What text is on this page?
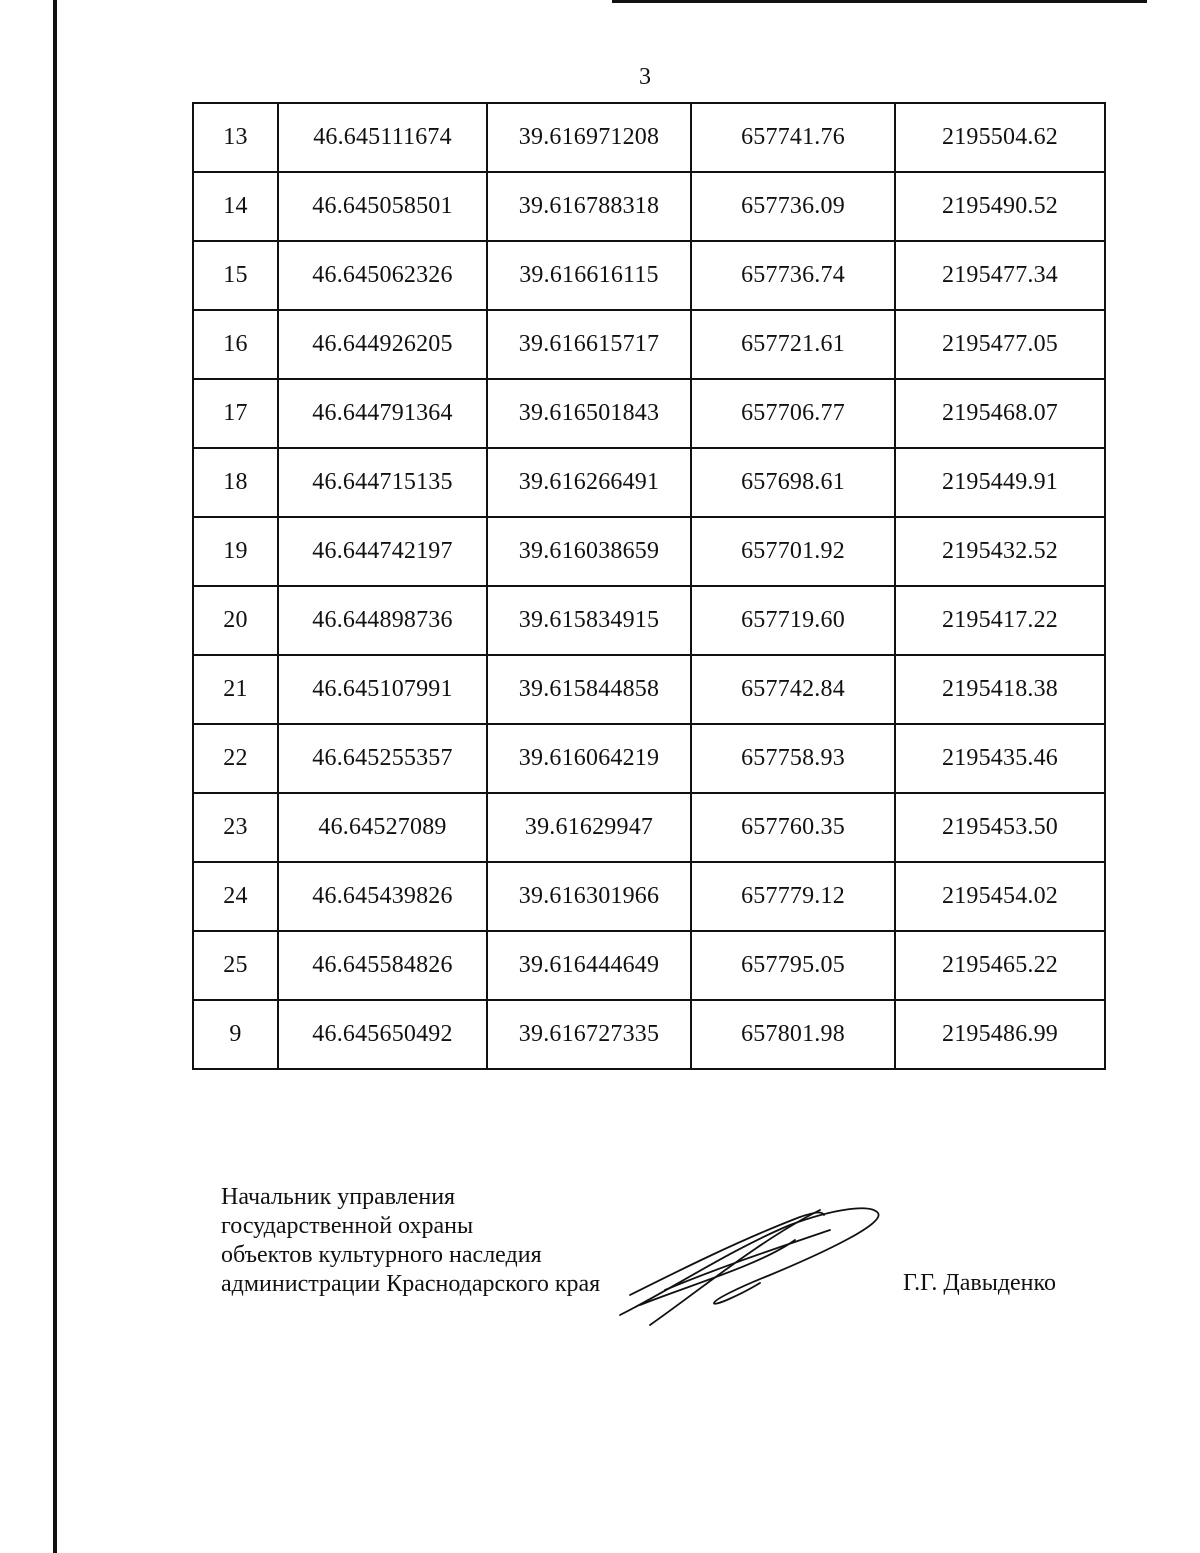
3
13	46.645111674	39.616971208	657741.76	2195504.62
14	46.645058501	39.616788318	657736.09	2195490.52
15	46.645062326	39.616616115	657736.74	2195477.34
16	46.644926205	39.616615717	657721.61	2195477.05
17	46.644791364	39.616501843	657706.77	2195468.07
18	46.644715135	39.616266491	657698.61	2195449.91
19	46.644742197	39.616038659	657701.92	2195432.52
20	46.644898736	39.615834915	657719.60	2195417.22
21	46.645107991	39.615844858	657742.84	2195418.38
22	46.645255357	39.616064219	657758.93	2195435.46
23	46.64527089	39.61629947	657760.35	2195453.50
24	46.645439826	39.616301966	657779.12	2195454.02
25	46.645584826	39.616444649	657795.05	2195465.22
9	46.645650492	39.616727335	657801.98	2195486.99
Начальник управления
государственной охраны
объектов культурного наследия
администрации Краснодарского края	Г.Г. Давыденко
